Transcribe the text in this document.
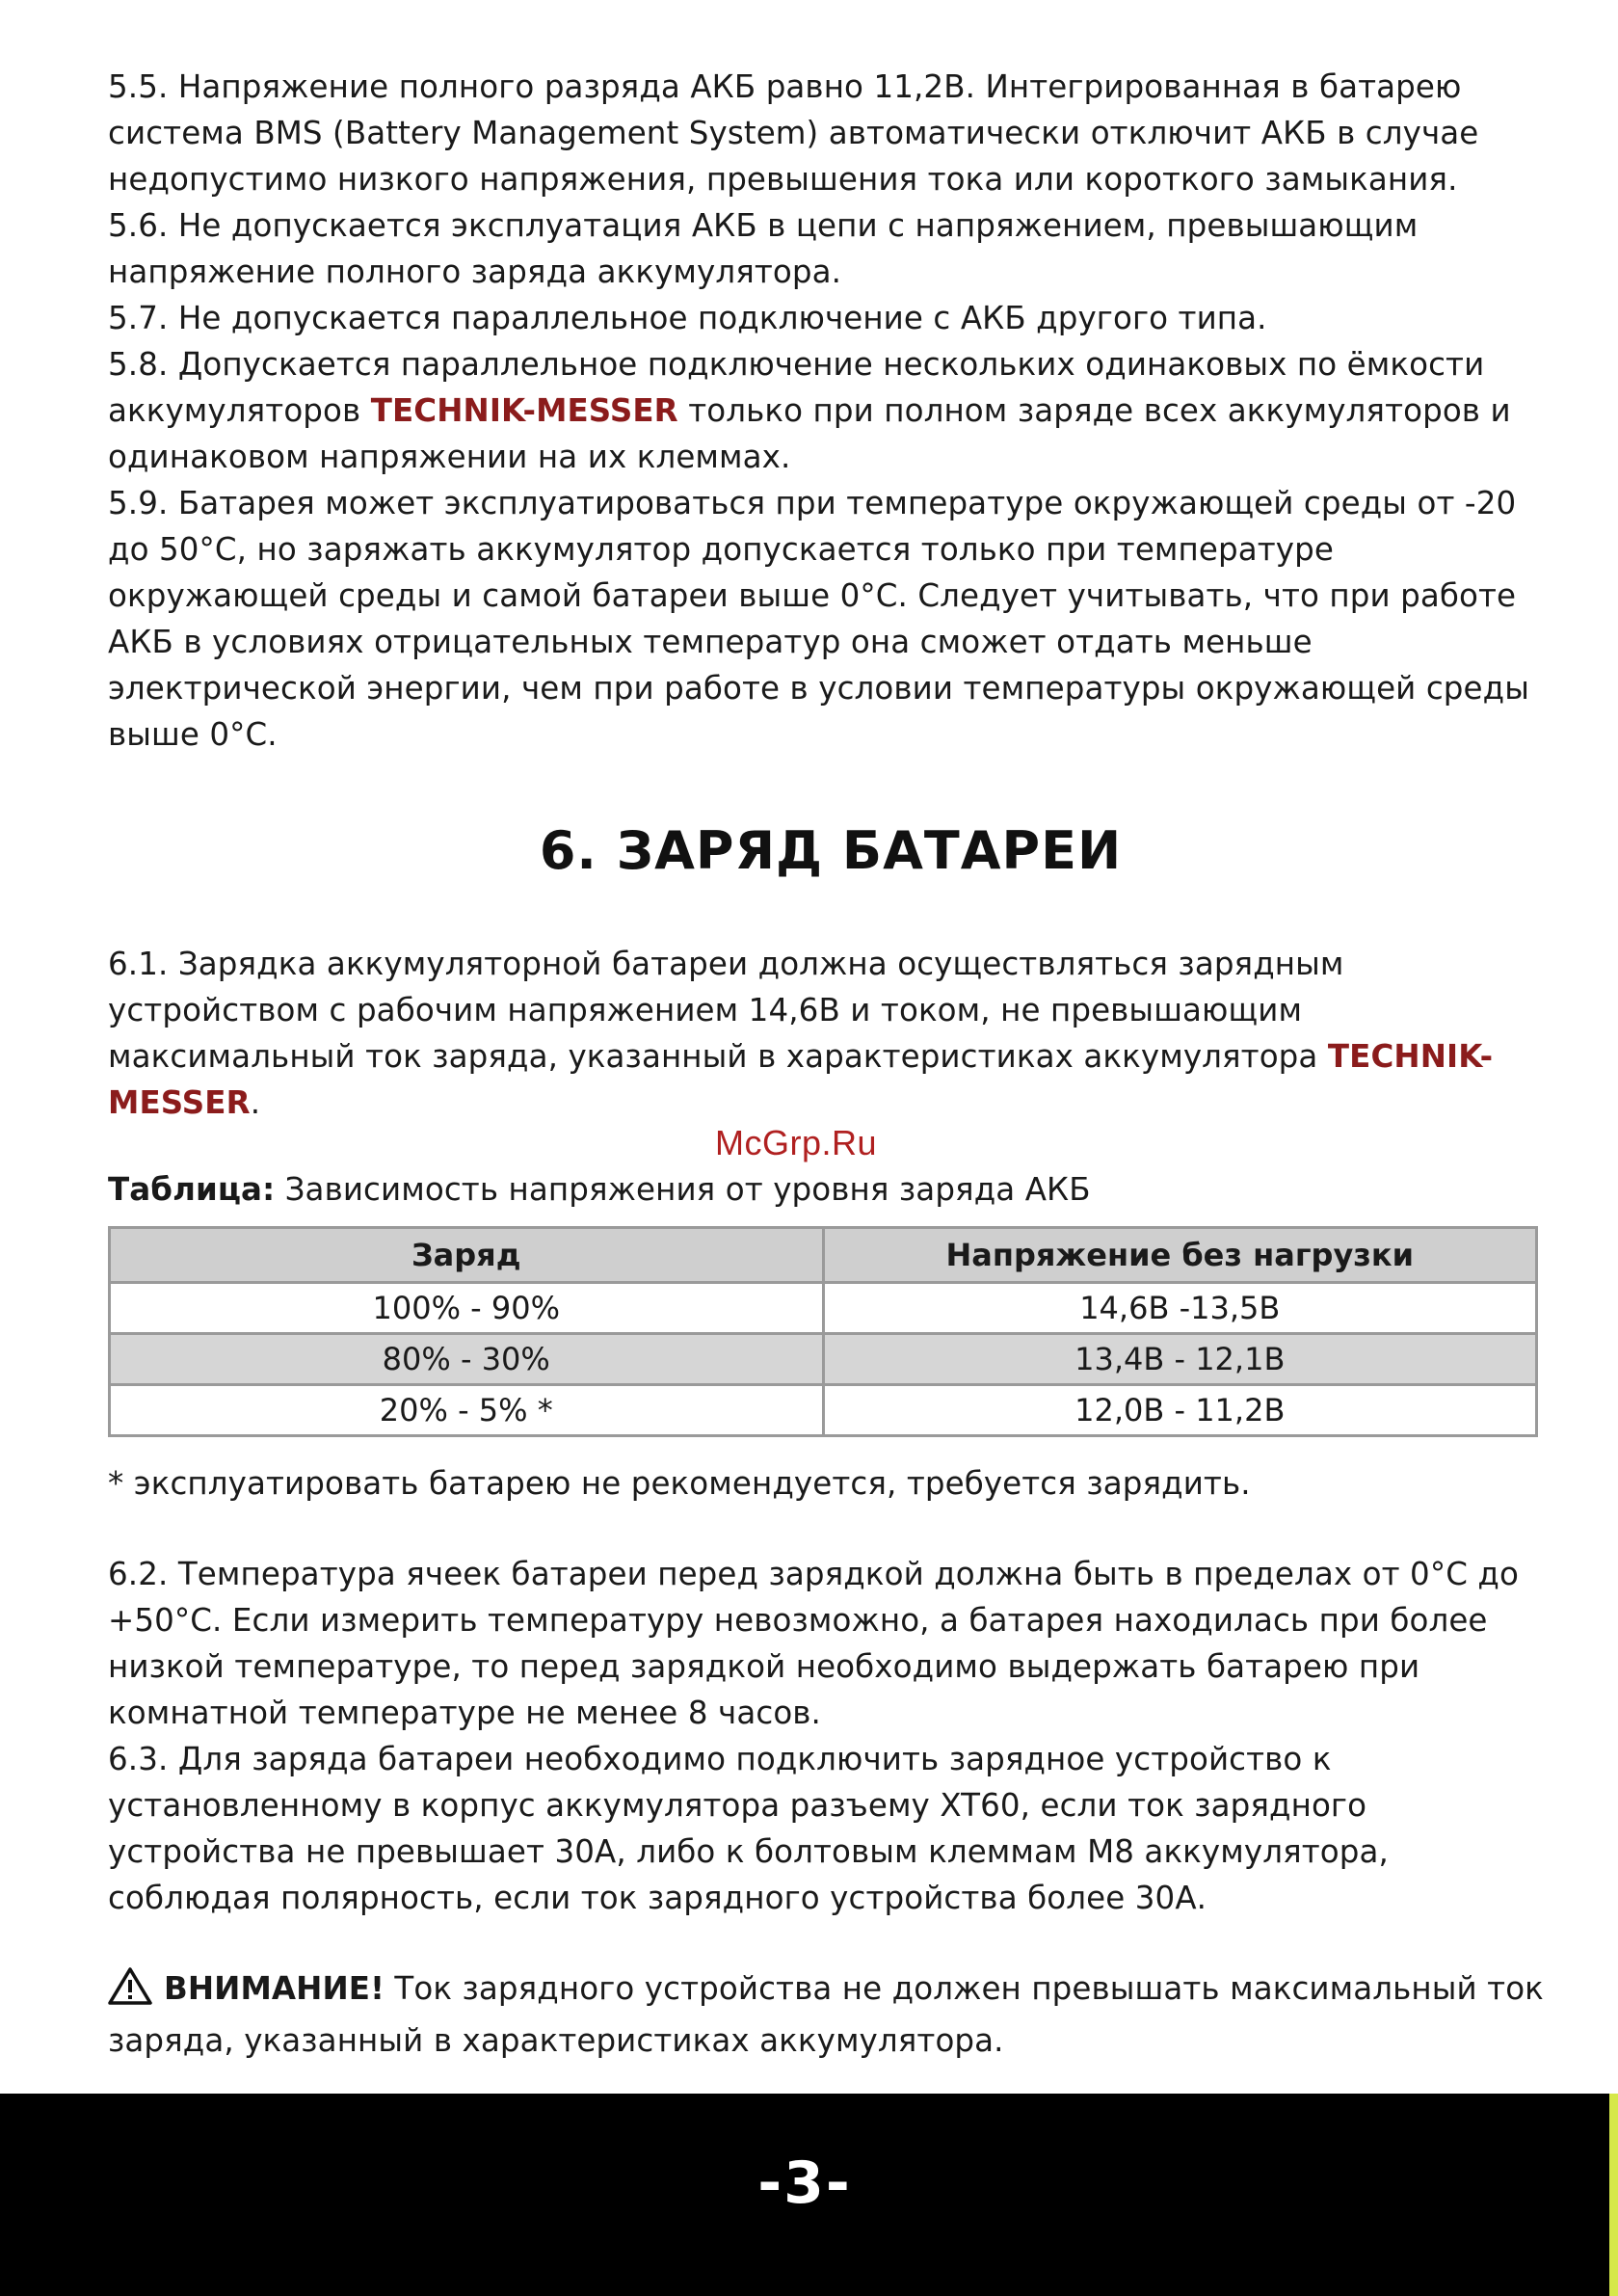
5.5. Напряжение полного разряда АКБ равно 11,2В. Интегрированная в батарею система BMS (Battery Management System) автоматически отключит АКБ в случае недопустимо низкого напряжения, превышения тока или короткого замыкания.

5.6. Не допускается эксплуатация АКБ в цепи с напряжением, превышающим напряжение полного заряда аккумулятора.

5.7. Не допускается параллельное подключение с АКБ другого типа.

5.8. Допускается параллельное подключение нескольких одинаковых по ёмкости аккумуляторов TECHNIK-MESSER только при полном заряде всех аккумуляторов и одинаковом напряжении на их клеммах.

5.9. Батарея может эксплуатироваться при температуре окружающей среды от -20 до 50°С, но заряжать аккумулятор допускается только при температуре окружающей среды и самой батареи выше 0°С. Следует учитывать, что при работе АКБ в условиях отрицательных температур она сможет отдать меньше электрической энергии, чем при работе в условии температуры окружающей среды выше 0°С.

6. ЗАРЯД БАТАРЕИ

6.1. Зарядка аккумуляторной батареи должна осуществляться зарядным устройством с рабочим напряжением 14,6В и током, не превышающим максимальный ток заряда, указанный в характеристиках аккумулятора TECHNIK-MESSER.

Таблица: Зависимость напряжения от уровня заряда АКБ

Заряд	Напряжение без нагрузки
100% - 90%	14,6В -13,5В
80% - 30%	13,4В - 12,1В
20% - 5% *	12,0В - 11,2В

* эксплуатировать батарею не рекомендуется, требуется зарядить.

6.2. Температура ячеек батареи перед зарядкой должна быть в пределах от 0°С до +50°С. Если измерить температуру невозможно, а батарея находилась при более низкой температуре, то перед зарядкой необходимо выдержать батарею при комнатной температуре не менее 8 часов.

6.3. Для заряда батареи необходимо подключить зарядное устройство к установленному в корпус аккумулятора разъему XT60, если ток зарядного устройства не превышает 30А, либо к болтовым клеммам М8 аккумулятора, соблюдая полярность, если ток зарядного устройства более 30А.

ВНИМАНИЕ! Ток зарядного устройства не должен превышать максимальный ток заряда, указанный в характеристиках аккумулятора.

McGrp.Ru
-3-
